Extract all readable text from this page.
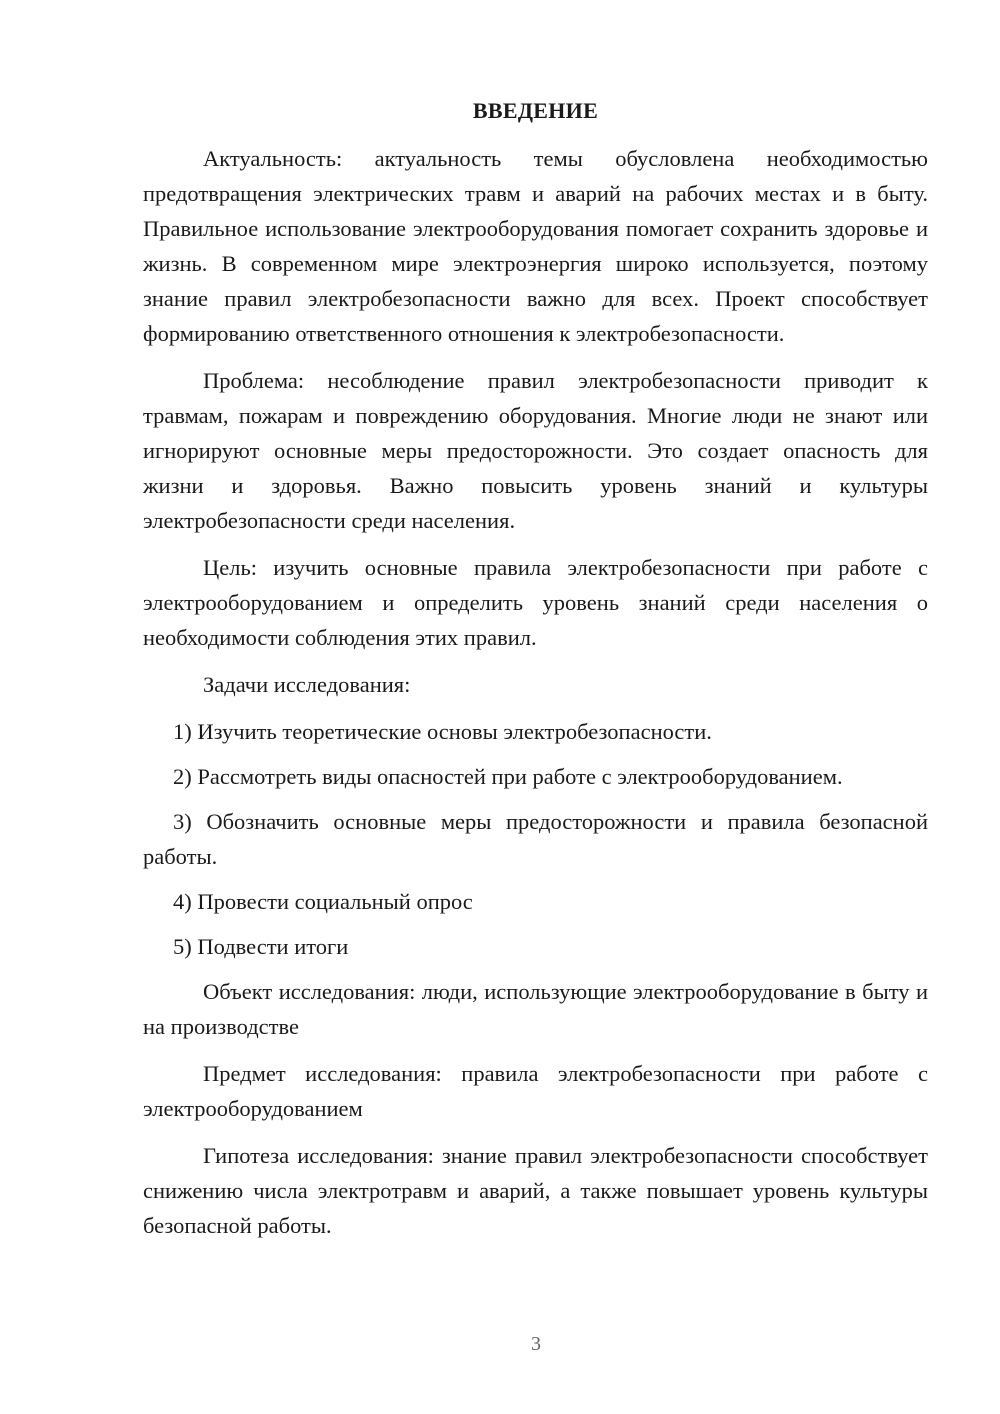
ВВЕДЕНИЕ

Актуальность: актуальность темы обусловлена необходимостью предотвращения электрических травм и аварий на рабочих местах и в быту. Правильное использование электрооборудования помогает сохранить здоровье и жизнь. В современном мире электроэнергия широко используется, поэтому знание правил электробезопасности важно для всех. Проект способствует формированию ответственного отношения к электробезопасности.

Проблема: несоблюдение правил электробезопасности приводит к травмам, пожарам и повреждению оборудования. Многие люди не знают или игнорируют основные меры предосторожности. Это создает опасность для жизни и здоровья. Важно повысить уровень знаний и культуры электробезопасности среди населения.

Цель: изучить основные правила электробезопасности при работе с электрооборудованием и определить уровень знаний среди населения о необходимости соблюдения этих правил.

Задачи исследования:

1) Изучить теоретические основы электробезопасности.

2) Рассмотреть виды опасностей при работе с электрооборудованием.

3) Обозначить основные меры предосторожности и правила безопасной работы.

4) Провести социальный опрос

5) Подвести итоги

Объект исследования: люди, использующие электрооборудование в быту и на производстве

Предмет исследования: правила электробезопасности при работе с электрооборудованием

Гипотеза исследования: знание правил электробезопасности способствует снижению числа электротравм и аварий, а также повышает уровень культуры безопасной работы.

3
